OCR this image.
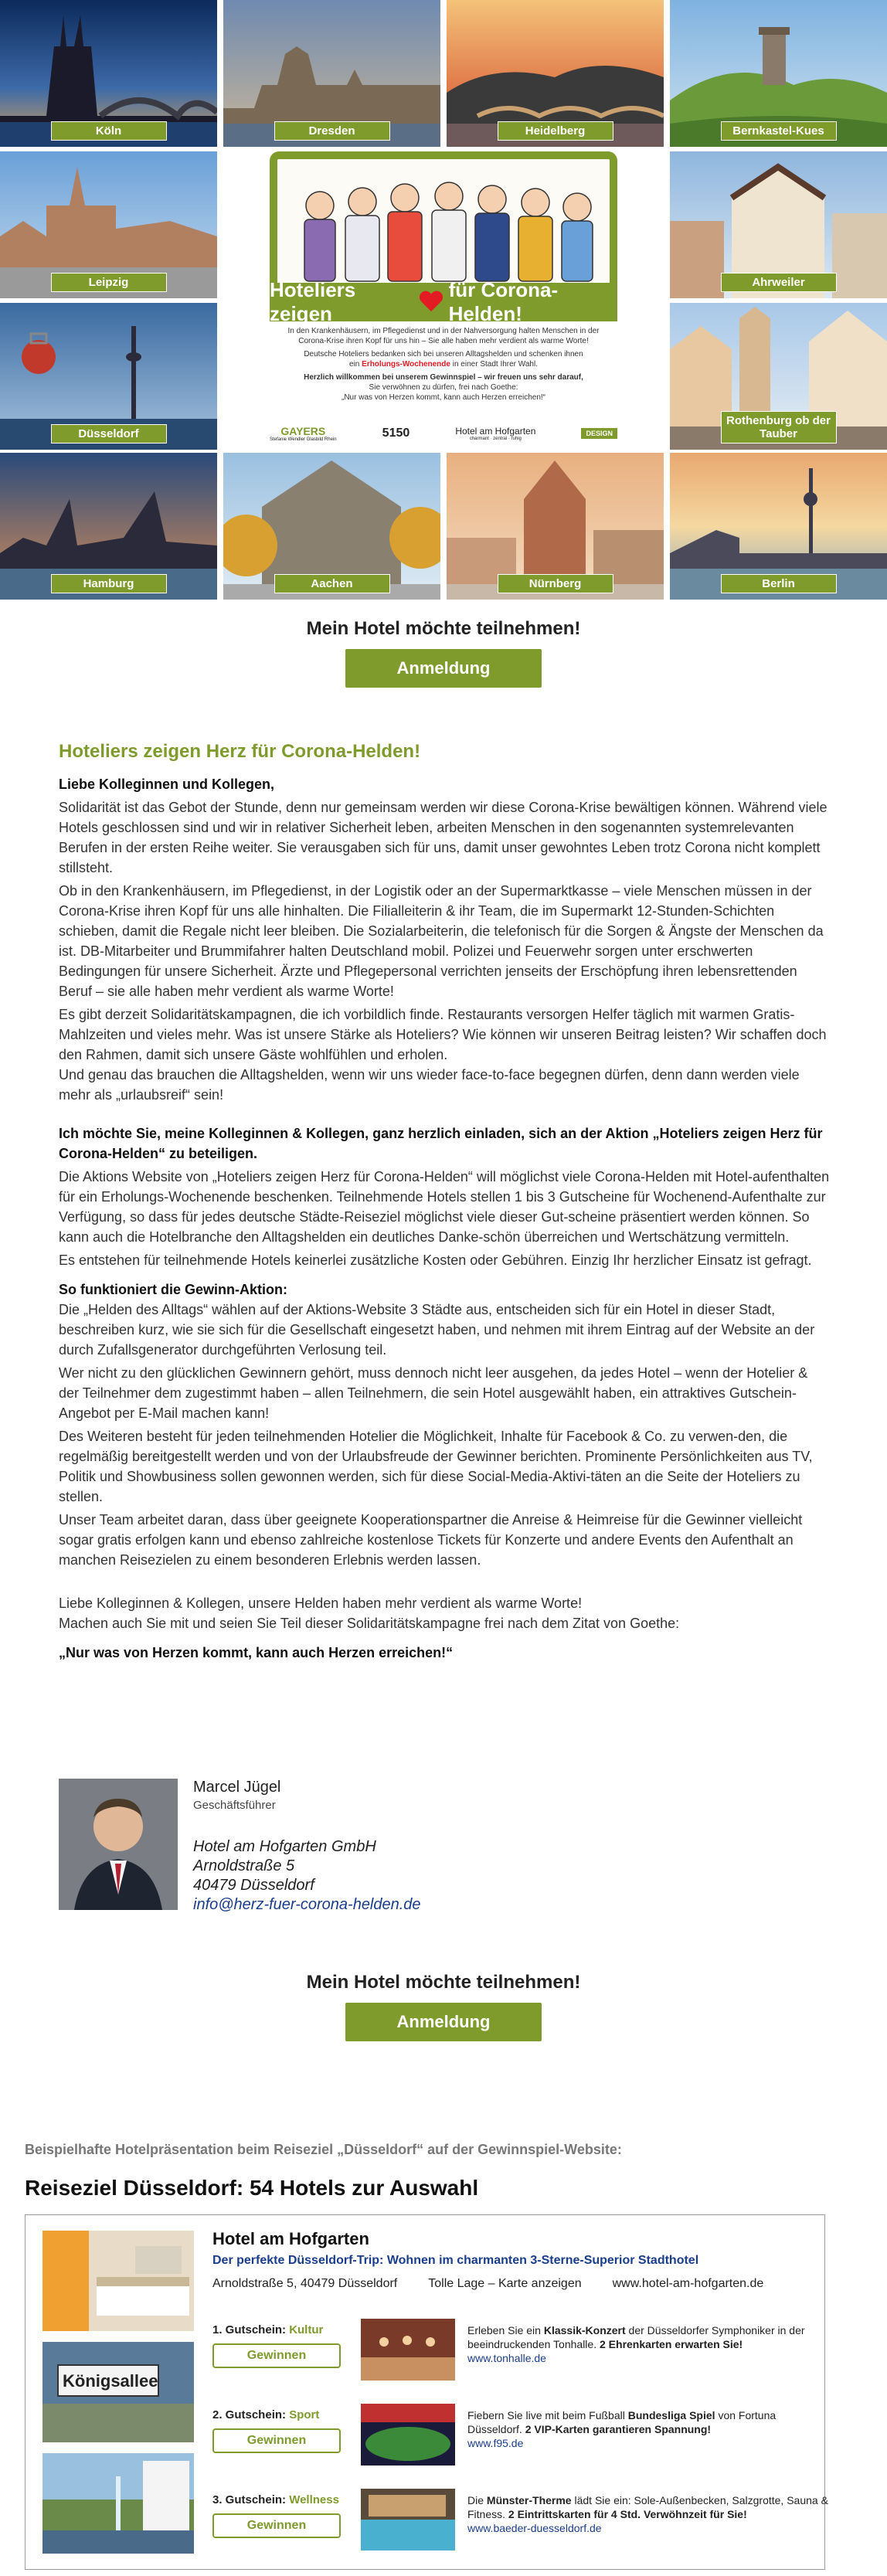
Köln	Dresden	Heidelberg	Bernkastel-Kues
Leipzig	Ahrweiler
Düsseldorf
Rothenburg ob der Tauber
Hamburg	Aachen	Nürnberg	Berlin
Hoteliers zeigen
für Corona-Helden!
In den Krankenhäusern, im Pflegedienst und in der Nahversorgung halten Menschen in der
Corona-Krise ihren Kopf für uns hin – Sie alle haben mehr verdient als warme Worte!
Deutsche Hoteliers bedanken sich bei unseren Alltagshelden und schenken ihnen
ein Erholungs-Wochenende in einer Stadt Ihrer Wahl.
Herzlich willkommen bei unserem Gewinnspiel – wir freuen uns sehr darauf,
Sie verwöhnen zu dürfen, frei nach Goethe:
„Nur was von Herzen kommt, kann auch Herzen erreichen!“
GAYERS
Stefanie Wendler Glasbild Rhein	5150	Hotel am Hofgarten
charmant · zentral · ruhig
DESIGN
Mein Hotel möchte teilnehmen!
Anmeldung
Hoteliers zeigen Herz für Corona-Helden!

Liebe Kolleginnen und Kollegen,

Solidarität ist das Gebot der Stunde, denn nur gemeinsam werden wir diese Corona-Krise bewältigen können. Während viele Hotels geschlossen sind und wir in relativer Sicherheit leben, arbeiten Menschen in den sogenannten systemrelevanten Berufen in der ersten Reihe weiter. Sie verausgaben sich für uns, damit unser gewohntes Leben trotz Corona nicht komplett stillsteht.

Ob in den Krankenhäusern, im Pflegedienst, in der Logistik oder an der Supermarktkasse – viele Menschen müssen in der Corona-Krise ihren Kopf für uns alle hinhalten. Die Filialleiterin & ihr Team, die im Supermarkt 12-Stunden-Schichten schieben, damit die Regale nicht leer bleiben. Die Sozialarbeiterin, die telefonisch für die Sorgen & Ängste der Menschen da ist. DB-Mitarbeiter und Brummifahrer halten Deutschland mobil. Polizei und Feuerwehr sorgen unter erschwerten Bedingungen für unsere Sicherheit. Ärzte und Pflegepersonal verrichten jenseits der Erschöpfung ihren lebensrettenden Beruf – sie alle haben mehr verdient als warme Worte!

Es gibt derzeit Solidaritätskampagnen, die ich vorbildlich finde. Restaurants versorgen Helfer täglich mit warmen Gratis-Mahlzeiten und vieles mehr. Was ist unsere Stärke als Hoteliers? Wie können wir unseren Beitrag leisten? Wir schaffen doch den Rahmen, damit sich unsere Gäste wohlfühlen und erholen.

Und genau das brauchen die Alltagshelden, wenn wir uns wieder face-to-face begegnen dürfen, denn dann werden viele mehr als „urlaubsreif“ sein!

Ich möchte Sie, meine Kolleginnen & Kollegen, ganz herzlich einladen, sich an der Aktion „Hoteliers zeigen Herz für Corona-Helden“ zu beteiligen.

Die Aktions Website von „Hoteliers zeigen Herz für Corona-Helden“ will möglichst viele Corona-Helden mit Hotel-aufenthalten für ein Erholungs-Wochenende beschenken. Teilnehmende Hotels stellen 1 bis 3 Gutscheine für Wochenend-Aufenthalte zur Verfügung, so dass für jedes deutsche Städte-Reiseziel möglichst viele dieser Gut-scheine präsentiert werden können. So kann auch die Hotelbranche den Alltagshelden ein deutliches Danke-schön überreichen und Wertschätzung vermitteln.

Es entstehen für teilnehmende Hotels keinerlei zusätzliche Kosten oder Gebühren. Einzig Ihr herzlicher Einsatz ist gefragt.

So funktioniert die Gewinn-Aktion:

Die „Helden des Alltags“ wählen auf der Aktions-Website 3 Städte aus, entscheiden sich für ein Hotel in dieser Stadt, beschreiben kurz, wie sie sich für die Gesellschaft eingesetzt haben, und nehmen mit ihrem Eintrag auf der Website an der durch Zufallsgenerator durchgeführten Verlosung teil.

Wer nicht zu den glücklichen Gewinnern gehört, muss dennoch nicht leer ausgehen, da jedes Hotel – wenn der Hotelier & der Teilnehmer dem zugestimmt haben – allen Teilnehmern, die sein Hotel ausgewählt haben, ein attraktives Gutschein-Angebot per E-Mail machen kann!

Des Weiteren besteht für jeden teilnehmenden Hotelier die Möglichkeit, Inhalte für Facebook & Co. zu verwen-den, die regelmäßig bereitgestellt werden und von der Urlaubsfreude der Gewinner berichten. Prominente Persönlichkeiten aus TV, Politik und Showbusiness sollen gewonnen werden, sich für diese Social-Media-Aktivi-täten an die Seite der Hoteliers zu stellen.

Unser Team arbeitet daran, dass über geeignete Kooperationspartner die Anreise & Heimreise für die Gewinner vielleicht sogar gratis erfolgen kann und ebenso zahlreiche kostenlose Tickets für Konzerte und andere Events den Aufenthalt an manchen Reisezielen zu einem besonderen Erlebnis werden lassen.

Liebe Kolleginnen & Kollegen, unsere Helden haben mehr verdient als warme Worte!

Machen auch Sie mit und seien Sie Teil dieser Solidaritätskampagne frei nach dem Zitat von Goethe:

„Nur was von Herzen kommt, kann auch Herzen erreichen!“

Marcel Jügel
Geschäftsführer
Hotel am Hofgarten GmbH
Arnoldstraße 5
40479 Düsseldorf
info@herz-fuer-corona-helden.de
Mein Hotel möchte teilnehmen!
Anmeldung
Beispielhafte Hotelpräsentation beim Reiseziel „Düsseldorf“ auf der Gewinnspiel-Website:
Reiseziel Düsseldorf: 54 Hotels zur Auswahl
Königsallee
Hotel am Hofgarten
Der perfekte Düsseldorf-Trip: Wohnen im charmanten 3-Sterne-Superior Stadthotel
Arnoldstraße 5, 40479 Düsseldorf	Tolle Lage – Karte anzeigen	www.hotel-am-hofgarten.de
1. Gutschein: Kultur
Gewinnen
Erleben Sie ein Klassik-Konzert der Düsseldorfer Symphoniker in der beeindruckenden Tonhalle. 2 Ehrenkarten erwarten Sie!
www.tonhalle.de
2. Gutschein: Sport
Gewinnen
Fiebern Sie live mit beim Fußball Bundesliga Spiel von Fortuna Düsseldorf. 2 VIP-Karten garantieren Spannung!
www.f95.de
3. Gutschein: Wellness
Gewinnen
Die Münster-Therme lädt Sie ein: Sole-Außenbecken, Salzgrotte, Sauna & Fitness. 2 Eintrittskarten für 4 Std. Verwöhnzeit für Sie!
www.baeder-duesseldorf.de
